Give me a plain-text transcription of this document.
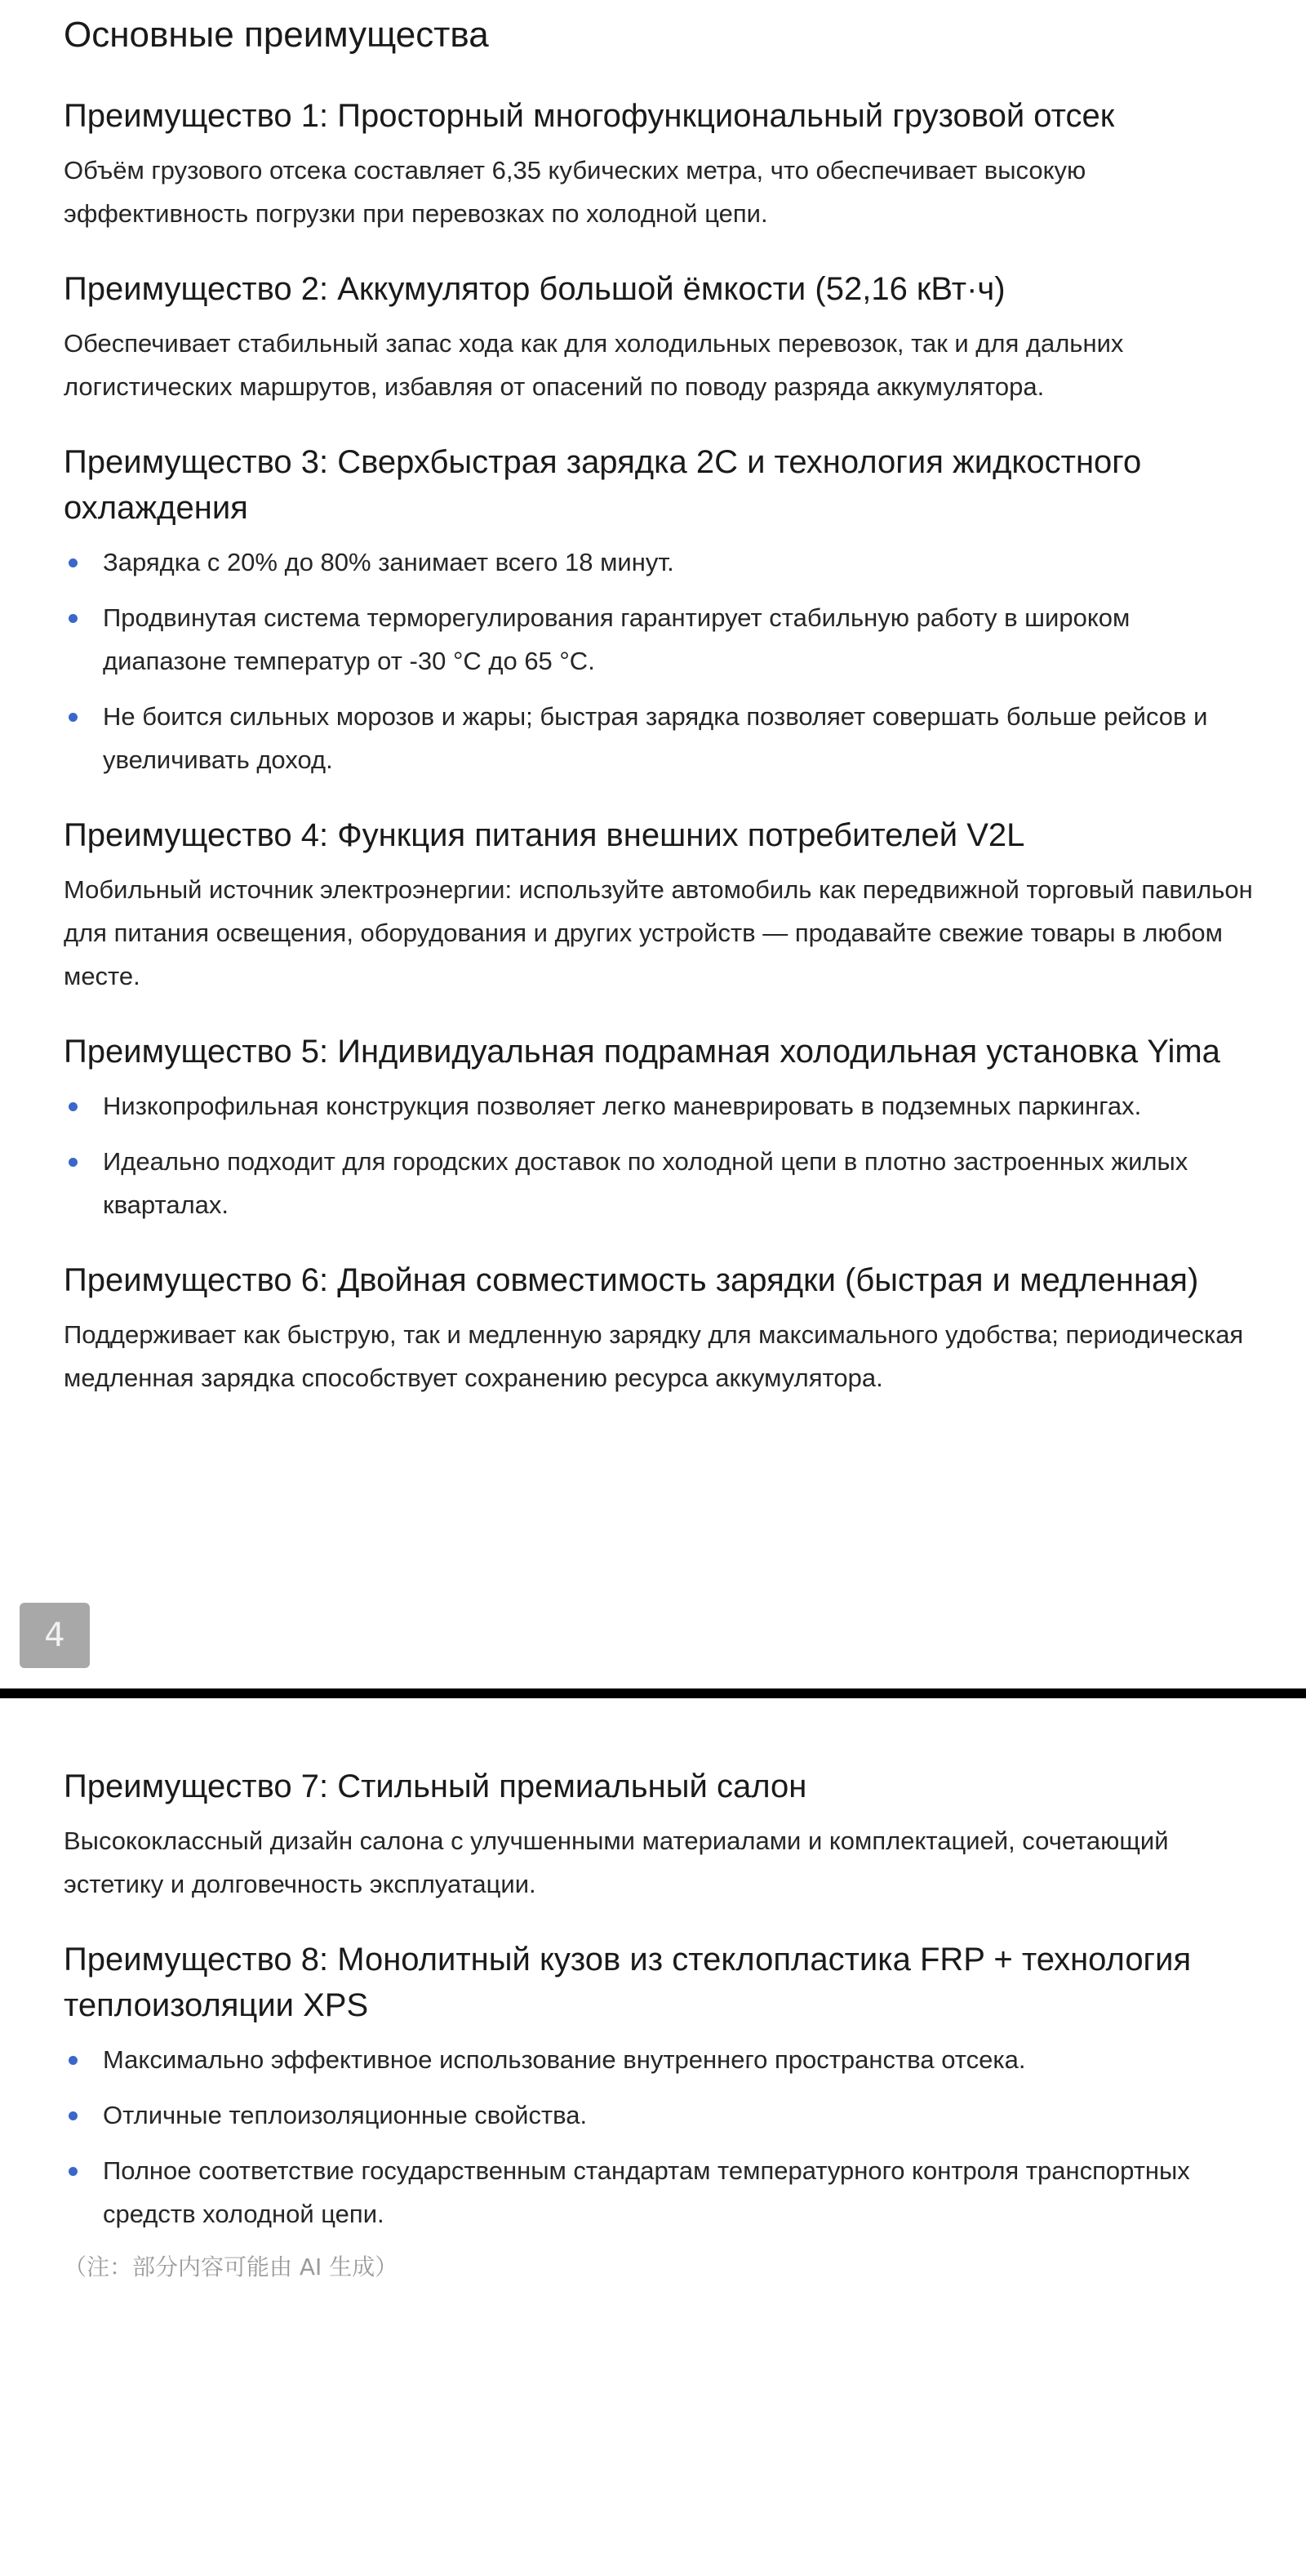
Основные преимущества
Преимущество 1: Просторный многофункциональный грузовой отсек

Объём грузового отсека составляет 6,35 кубических метра, что обеспечивает высокую эффективность погрузки при перевозках по холодной цепи.

Преимущество 2: Аккумулятор большой ёмкости (52,16 кВт·ч)

Обеспечивает стабильный запас хода как для холодильных перевозок, так и для дальних логистических маршрутов, избавляя от опасений по поводу разряда аккумулятора.

Преимущество 3: Сверхбыстрая зарядка 2C и технология жидкостного охлаждения
Зарядка с 20% до 80% занимает всего 18 минут.
Продвинутая система терморегулирования гарантирует стабильную работу в широком диапазоне температур от -30 °C до 65 °C.
Не боится сильных морозов и жары; быстрая зарядка позволяет совершать больше рейсов и увеличивать доход.
Преимущество 4: Функция питания внешних потребителей V2L

Мобильный источник электроэнергии: используйте автомобиль как передвижной торговый павильон для питания освещения, оборудования и других устройств — продавайте свежие товары в любом месте.

Преимущество 5: Индивидуальная подрамная холодильная установка Yima
Низкопрофильная конструкция позволяет легко маневрировать в подземных паркингах.
Идеально подходит для городских доставок по холодной цепи в плотно застроенных жилых кварталах.
Преимущество 6: Двойная совместимость зарядки (быстрая и медленная)

Поддерживает как быструю, так и медленную зарядку для максимального удобства; периодическая медленная зарядка способствует сохранению ресурса аккумулятора.

4
Преимущество 7: Стильный премиальный салон

Высококлассный дизайн салона с улучшенными материалами и комплектацией, сочетающий эстетику и долговечность эксплуатации.

Преимущество 8: Монолитный кузов из стеклопластика FRP + технология теплоизоляции XPS
Максимально эффективное использование внутреннего пространства отсека.
Отличные теплоизоляционные свойства.
Полное соответствие государственным стандартам температурного контроля транспортных средств холодной цепи.

（注：部分内容可能由 AI 生成）
